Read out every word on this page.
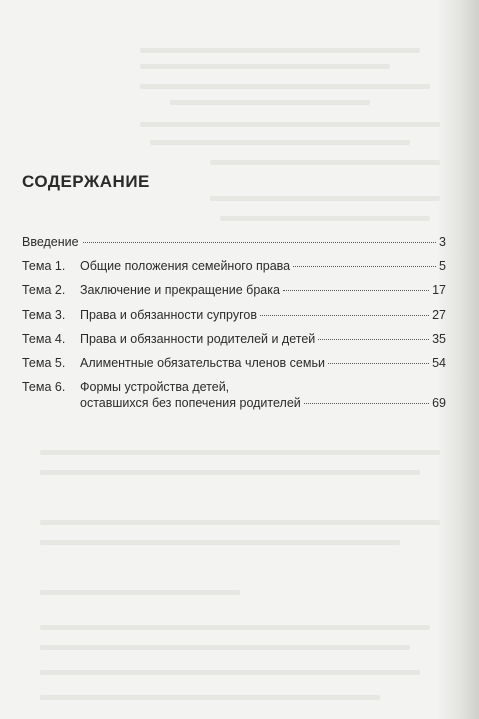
СОДЕРЖАНИЕ
Введение	3
Тема 1.	Общие положения семейного права	5
Тема 2.	Заключение и прекращение брака	17
Тема 3.	Права и обязанности супругов	27
Тема 4.	Права и обязанности родителей и детей	35
Тема 5.	Алиментные обязательства членов семьи	54
Тема 6.	Формы устройства детей,
оставшихся без попечения родителей	69
